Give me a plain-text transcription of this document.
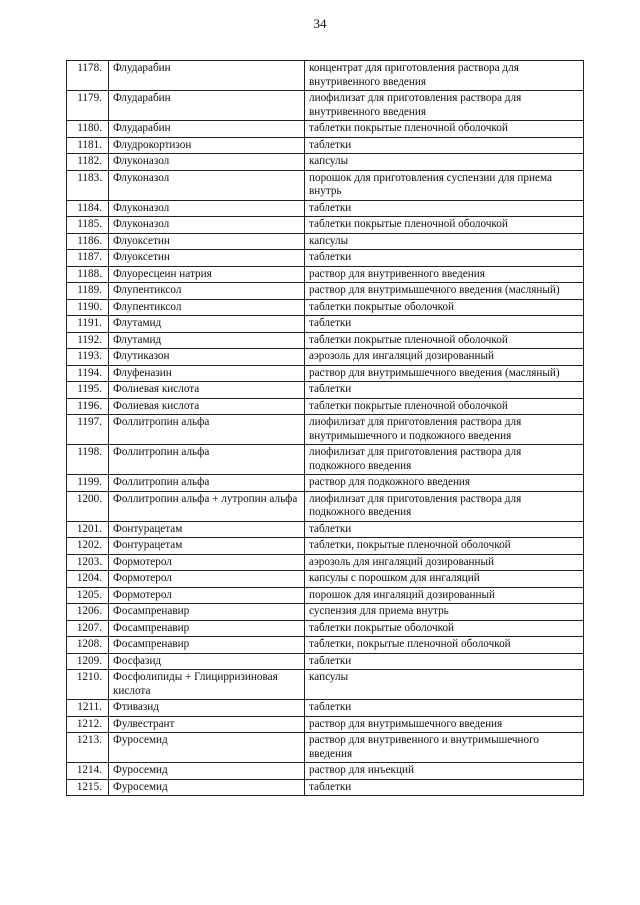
34
1178.	Флударабин	концентрат для приготовления раствора для внутривенного введения
1179.	Флударабин	лиофилизат для приготовления раствора для внутривенного введения
1180.	Флударабин	таблетки покрытые пленочной оболочкой
1181.	Флудрокортизон	таблетки
1182.	Флуконазол	капсулы
1183.	Флуконазол	порошок для приготовления суспензии для приема внутрь
1184.	Флуконазол	таблетки
1185.	Флуконазол	таблетки покрытые пленочной оболочкой
1186.	Флуоксетин	капсулы
1187.	Флуоксетин	таблетки
1188.	Флуоресцеин натрия	раствор для внутривенного введения
1189.	Флупентиксол	раствор для внутримышечного введения (масляный)
1190.	Флупентиксол	таблетки покрытые оболочкой
1191.	Флутамид	таблетки
1192.	Флутамид	таблетки покрытые пленочной оболочкой
1193.	Флутиказон	аэрозоль для ингаляций дозированный
1194.	Флуфеназин	раствор для внутримышечного введения (масляный)
1195.	Фолиевая кислота	таблетки
1196.	Фолиевая кислота	таблетки покрытые пленочной оболочкой
1197.	Фоллитропин альфа	лиофилизат для приготовления раствора для внутримышечного и подкожного введения
1198.	Фоллитропин альфа	лиофилизат для приготовления раствора для подкожного введения
1199.	Фоллитропин альфа	раствор для подкожного введения
1200.	Фоллитропин альфа + лутропин альфа	лиофилизат для приготовления раствора для подкожного введения
1201.	Фонтурацетам	таблетки
1202.	Фонтурацетам	таблетки, покрытые пленочной оболочкой
1203.	Формотерол	аэрозоль для ингаляций дозированный
1204.	Формотерол	капсулы с порошком для ингаляций
1205.	Формотерол	порошок для ингаляций дозированный
1206.	Фосампренавир	суспензия для приема внутрь
1207.	Фосампренавир	таблетки покрытые оболочкой
1208.	Фосампренавир	таблетки, покрытые пленочной оболочкой
1209.	Фосфазид	таблетки
1210.	Фосфолипиды + Глицирризиновая кислота	капсулы
1211.	Фтивазид	таблетки
1212.	Фулвестрант	раствор для внутримышечного введения
1213.	Фуросемид	раствор для внутривенного и внутримышечного введения
1214.	Фуросемид	раствор для инъекций
1215.	Фуросемид	таблетки
